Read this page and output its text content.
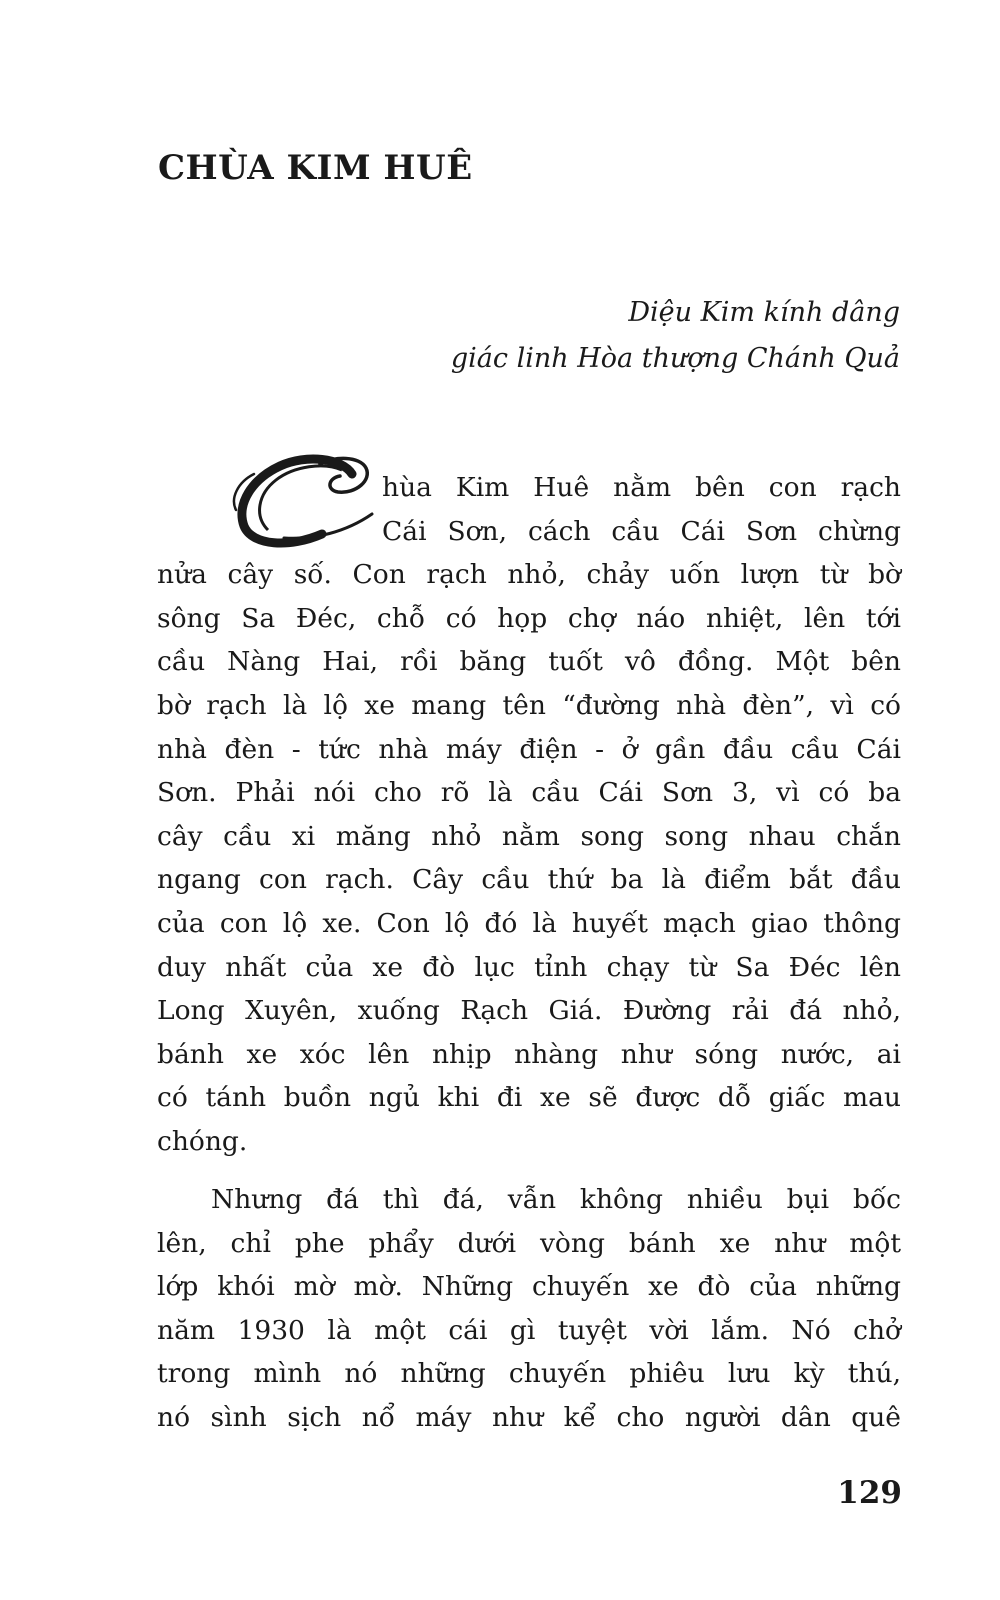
CHÙA KIM HUÊ
Diệu Kim kính dâng
giác linh Hòa thượng Chánh Quả
hùa Kim Huê nằm bên con rạch
Cái Sơn, cách cầu Cái Sơn chừng
nửa cây số. Con rạch nhỏ, chảy uốn lượn từ bờ
sông Sa Đéc, chỗ có họp chợ náo nhiệt, lên tới
cầu Nàng Hai, rồi băng tuốt vô đồng. Một bên
bờ rạch là lộ xe mang tên “đường nhà đèn”, vì có
nhà đèn - tức nhà máy điện - ở gần đầu cầu Cái
Sơn. Phải nói cho rõ là cầu Cái Sơn 3, vì có ba
cây cầu xi măng nhỏ nằm song song nhau chắn
ngang con rạch. Cây cầu thứ ba là điểm bắt đầu
của con lộ xe. Con lộ đó là huyết mạch giao thông
duy nhất của xe đò lục tỉnh chạy từ Sa Đéc lên
Long Xuyên, xuống Rạch Giá. Đường rải đá nhỏ,
bánh xe xóc lên nhịp nhàng như sóng nước, ai
có tánh buồn ngủ khi đi xe sẽ được dỗ giấc mau
chóng.
Nhưng đá thì đá, vẫn không nhiều bụi bốc
lên, chỉ phe phẩy dưới vòng bánh xe như một
lớp khói mờ mờ. Những chuyến xe đò của những
năm 1930 là một cái gì tuyệt vời lắm. Nó chở
trong mình nó những chuyến phiêu lưu kỳ thú,
nó sình sịch nổ máy như kể cho người dân quê
129
